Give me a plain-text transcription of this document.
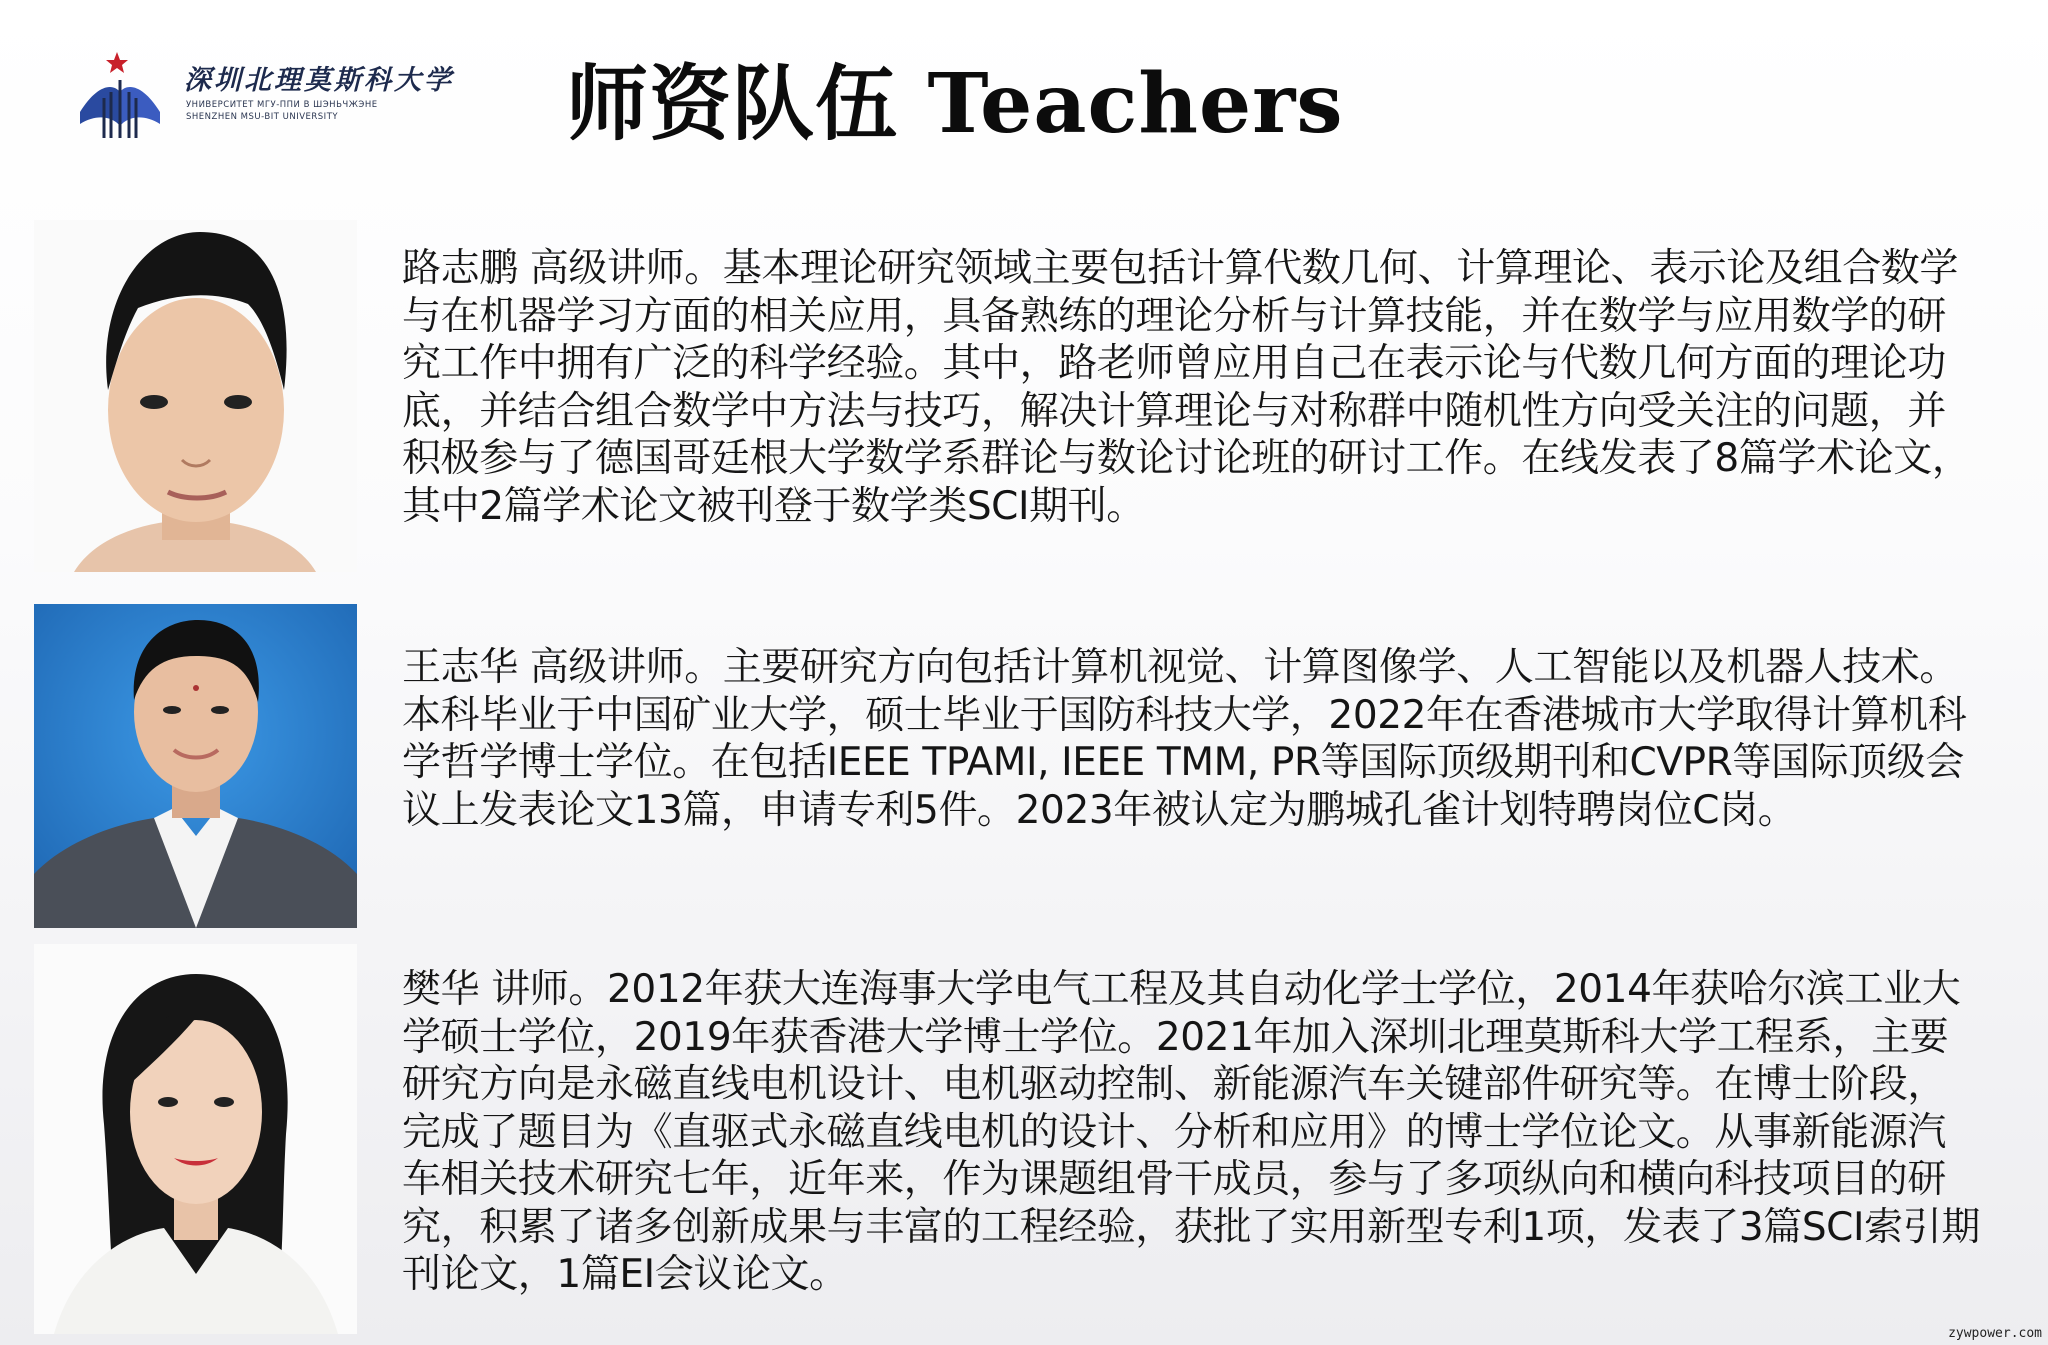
深圳北理莫斯科大学
УНИВЕРСИТЕТ МГУ-ППИ В ШЭНЬЧЖЭНЕ
SHENZHEN MSU-BIT UNIVERSITY	师资队伍 Teachers

路志鹏 高级讲师。基本理论研究领域主要包括计算代数几何、计算理论、表示论及组合数学与在机器学习方面的相关应用，具备熟练的理论分析与计算技能，并在数学与应用数学的研究工作中拥有广泛的科学经验。其中，路老师曾应用自己在表示论与代数几何方面的理论功底，并结合组合数学中方法与技巧，解决计算理论与对称群中随机性方向受关注的问题，并积极参与了德国哥廷根大学数学系群论与数论讨论班的研讨工作。在线发表了8篇学术论文，其中2篇学术论文被刊登于数学类SCI期刊。

王志华 高级讲师。主要研究方向包括计算机视觉、计算图像学、人工智能以及机器人技术。本科毕业于中国矿业大学，硕士毕业于国防科技大学，2022年在香港城市大学取得计算机科学哲学博士学位。在包括IEEE TPAMI, IEEE TMM, PR等国际顶级期刊和CVPR等国际顶级会议上发表论文13篇，申请专利5件。2023年被认定为鹏城孔雀计划特聘岗位C岗。

樊华 讲师。2012年获大连海事大学电气工程及其自动化学士学位，2014年获哈尔滨工业大学硕士学位，2019年获香港大学博士学位。2021年加入深圳北理莫斯科大学工程系，主要研究方向是永磁直线电机设计、电机驱动控制、新能源汽车关键部件研究等。在博士阶段，完成了题目为《直驱式永磁直线电机的设计、分析和应用》的博士学位论文。从事新能源汽车相关技术研究七年，近年来，作为课题组骨干成员，参与了多项纵向和横向科技项目的研究，积累了诸多创新成果与丰富的工程经验，获批了实用新型专利1项，发表了3篇SCI索引期刊论文，1篇EI会议论文。

zywpower.com
